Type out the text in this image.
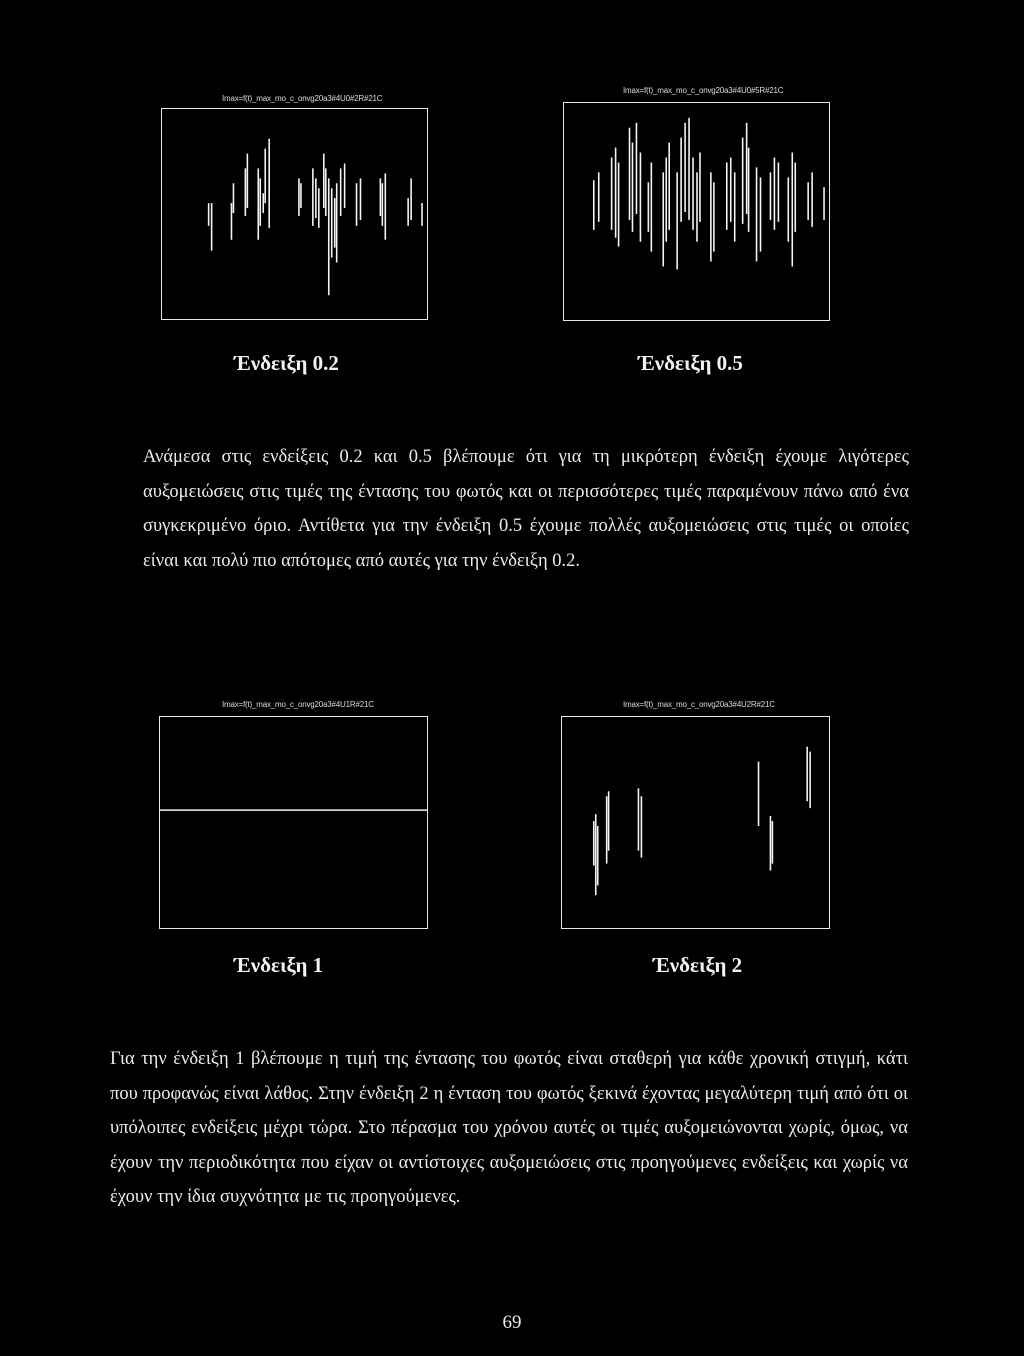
Imax=f(t)_max_mo_c_onvg20a3#4U0#2R#21C
Ένδειξη 0.2
Imax=f(t)_max_mo_c_onvg20a3#4U0#5R#21C
Ένδειξη 0.5

Ανάμεσα στις ενδείξεις 0.2 και 0.5 βλέπουμε ότι για τη μικρότερη ένδειξη έχουμε λιγότερες αυξομειώσεις στις τιμές της έντασης του φωτός και οι περισσότερες τιμές παραμένουν πάνω από ένα συγκεκριμένο όριο. Αντίθετα για την ένδειξη 0.5 έχουμε πολλές αυξομειώσεις στις τιμές οι οποίες είναι και πολύ πιο απότομες από αυτές για την ένδειξη 0.2.

Imax=f(t)_max_mo_c_onvg20a3#4U1R#21C
Ένδειξη 1
Imax=f(t)_max_mo_c_onvg20a3#4U2R#21C
Ένδειξη 2

Για την ένδειξη 1 βλέπουμε η τιμή της έντασης του φωτός είναι σταθερή για κάθε χρονική στιγμή, κάτι που προφανώς είναι λάθος. Στην ένδειξη 2 η ένταση του φωτός ξεκινά έχοντας μεγαλύτερη τιμή από ότι οι υπόλοιπες ενδείξεις μέχρι τώρα. Στο πέρασμα του χρόνου αυτές οι τιμές αυξομειώνονται χωρίς, όμως, να έχουν την περιοδικότητα που είχαν οι αντίστοιχες αυξομειώσεις στις προηγούμενες ενδείξεις και χωρίς να έχουν την ίδια συχνότητα με τις προηγούμενες.

69
